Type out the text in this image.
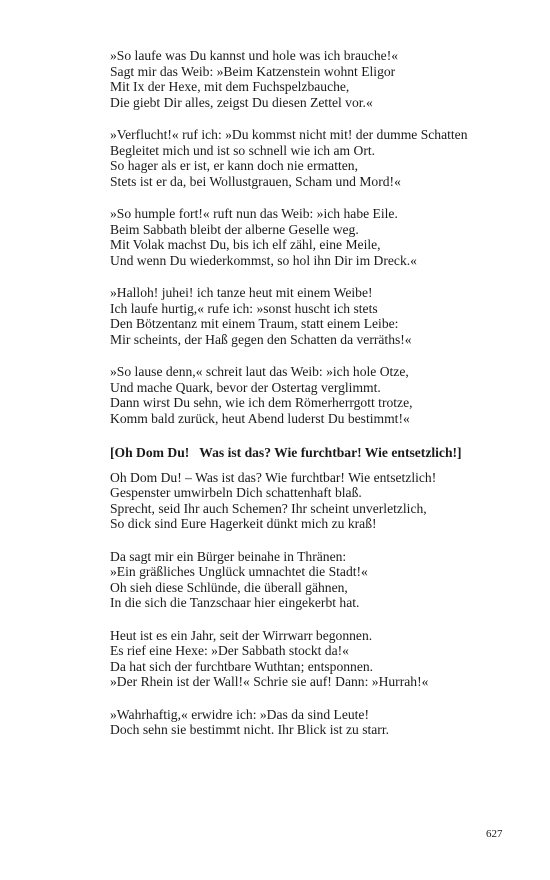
»So laufe was Du kannst und hole was ich brauche!«
Sagt mir das Weib: »Beim Katzenstein wohnt Eligor
Mit Ix der Hexe, mit dem Fuchspelzbauche,
Die giebt Dir alles, zeigst Du diesen Zettel vor.«
»Verflucht!« ruf ich: »Du kommst nicht mit! der dumme Schatten
Begleitet mich und ist so schnell wie ich am Ort.
So hager als er ist, er kann doch nie ermatten,
Stets ist er da, bei Wollustgrauen, Scham und Mord!«
»So humple fort!« ruft nun das Weib: »ich habe Eile.
Beim Sabbath bleibt der alberne Geselle weg.
Mit Volak machst Du, bis ich elf zähl, eine Meile,
Und wenn Du wiederkommst, so hol ihn Dir im Dreck.«
»Halloh! juhei! ich tanze heut mit einem Weibe!
Ich laufe hurtig,« rufe ich: »sonst huscht ich stets
Den Bötzentanz mit einem Traum, statt einem Leibe:
Mir scheints, der Haß gegen den Schatten da verräths!«
»So lause denn,« schreit laut das Weib: »ich hole Otze,
Und mache Quark, bevor der Ostertag verglimmt.
Dann wirst Du sehn, wie ich dem Römerherrgott trotze,
Komm bald zurück, heut Abend luderst Du bestimmt!«
[Oh Dom Du!   Was ist das? Wie furchtbar! Wie entsetzlich!]
Oh Dom Du! – Was ist das? Wie furchtbar! Wie entsetzlich!
Gespenster umwirbeln Dich schattenhaft blaß.
Sprecht, seid Ihr auch Schemen? Ihr scheint unverletzlich,
So dick sind Eure Hagerkeit dünkt mich zu kraß!
Da sagt mir ein Bürger beinahe in Thränen:
»Ein gräßliches Unglück umnachtet die Stadt!«
Oh sieh diese Schlünde, die überall gähnen,
In die sich die Tanzschaar hier eingekerbt hat.
Heut ist es ein Jahr, seit der Wirrwarr begonnen.
Es rief eine Hexe: »Der Sabbath stockt da!«
Da hat sich der furchtbare Wuthtan; entsponnen.
»Der Rhein ist der Wall!« Schrie sie auf! Dann: »Hurrah!«
»Wahrhaftig,« erwidre ich: »Das da sind Leute!
Doch sehn sie bestimmt nicht. Ihr Blick ist zu starr.
627
